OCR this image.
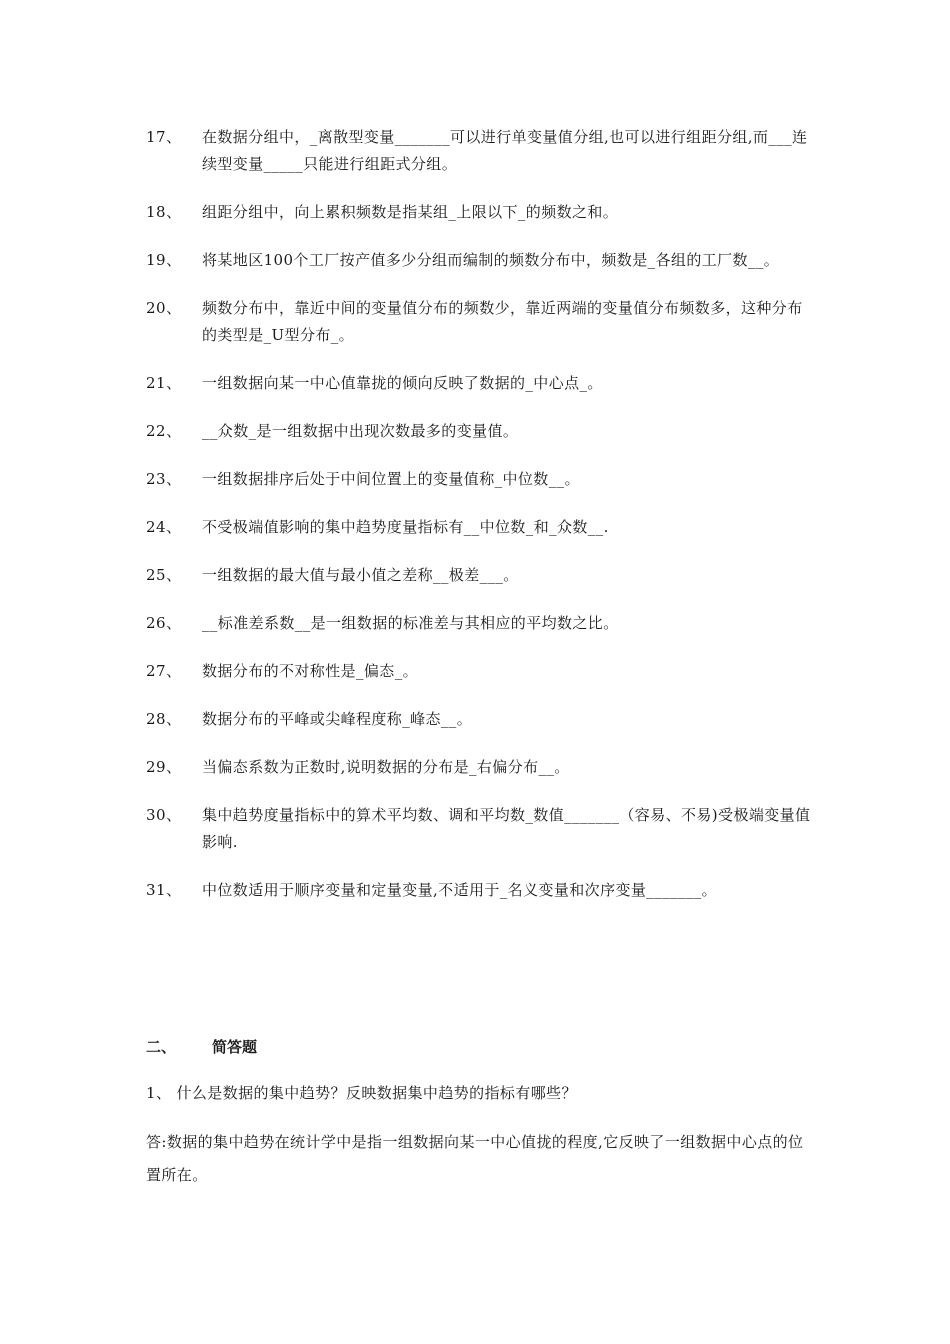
17、	在数据分组中，_离散型变量_______可以进行单变量值分组,也可以进行组距分组,而___连续型变量_____只能进行组距式分组。
18、	组距分组中，向上累积频数是指某组_上限以下_的频数之和。
19、	将某地区100个工厂按产值多少分组而编制的频数分布中，频数是_各组的工厂数__。
20、	频数分布中，靠近中间的变量值分布的频数少，靠近两端的变量值分布频数多，这种分布的类型是_U型分布_。
21、	一组数据向某一中心值靠拢的倾向反映了数据的_中心点_。
22、	__众数_是一组数据中出现次数最多的变量值。
23、	一组数据排序后处于中间位置上的变量值称_中位数__。
24、	不受极端值影响的集中趋势度量指标有__中位数_和_众数__.
25、	一组数据的最大值与最小值之差称__极差___。
26、	__标准差系数__是一组数据的标准差与其相应的平均数之比。
27、	数据分布的不对称性是_偏态_。
28、	数据分布的平峰或尖峰程度称_峰态__。
29、	当偏态系数为正数时,说明数据的分布是_右偏分布__。
30、	集中趋势度量指标中的算术平均数、调和平均数_数值_______（容易、不易)受极端变量值影响.
31、	中位数适用于顺序变量和定量变量,不适用于_名义变量和次序变量_______。
二、	简答题
1、 什么是数据的集中趋势？反映数据集中趋势的指标有哪些？
答:数据的集中趋势在统计学中是指一组数据向某一中心值拢的程度,它反映了一组数据中心点的位置所在。
